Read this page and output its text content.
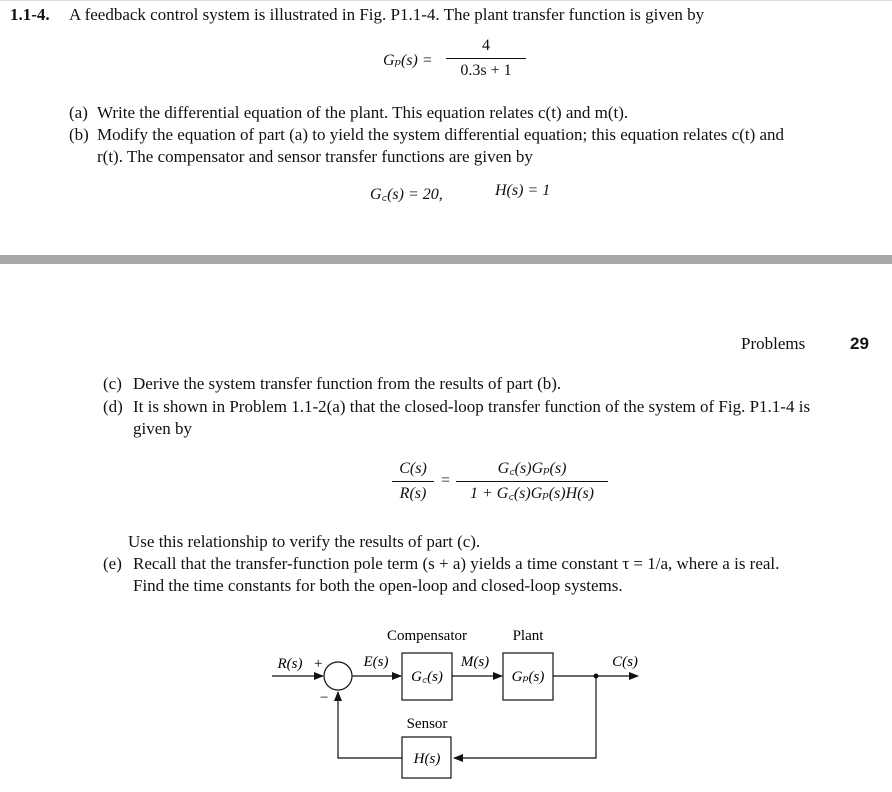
1.1-4. A feedback control system is illustrated in Fig. P1.1-4. The plant transfer function is given by
Gₚ(s) =
4
0.3s + 1
(a) Write the differential equation of the plant. This equation relates c(t) and m(t).
(b) Modify the equation of part (a) to yield the system differential equation; this equation relates c(t) and
r(t). The compensator and sensor transfer functions are given by
G꜀(s) = 20,	H(s) = 1
Problems	29
(c) Derive the system transfer function from the results of part (b).
(d) It is shown in Problem 1.1-2(a) that the closed-loop transfer function of the system of Fig. P1.1-4 is
given by
C(s)
R(s)
=
G꜀(s)Gₚ(s)
1 + G꜀(s)Gₚ(s)H(s)
Use this relationship to verify the results of part (c).
(e) Recall that the transfer-function pole term (s + a) yields a time constant τ = 1/a, where a is real.
Find the time constants for both the open-loop and closed-loop systems.
Compensator	Plant
Sensor
R(s) +
−
E(s)	M(s)	C(s)
G꜀(s)	Gₚ(s)
H(s)
